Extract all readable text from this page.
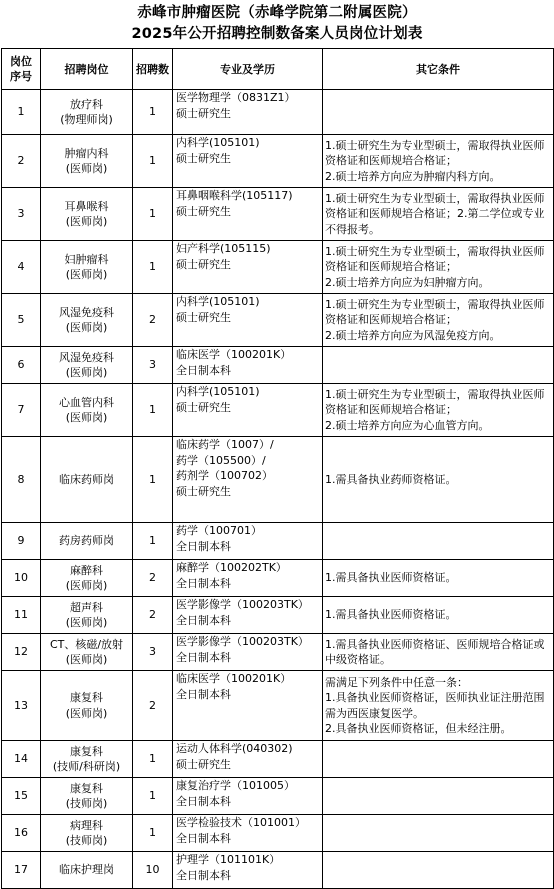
赤峰市肿瘤医院（赤峰学院第二附属医院）
2025年公开招聘控制数备案人员岗位计划表
岗位
序号	招聘岗位	招聘数	专业及学历	其它条件
1	放疗科
(物理师岗)	1	医学物理学（0831Z1）
硕士研究生	

2	肿瘤内科
(医师岗)	1	内科学(105101)
硕士研究生	1.硕士研究生为专业型硕士，需取得执业医师资格证和医师规培合格证；
2.硕士培养方向应为肿瘤内科方向。

3	耳鼻喉科
(医师岗)	1	耳鼻咽喉科学(105117)
硕士研究生	1.硕士研究生为专业型硕士，需取得执业医师资格证和医师规培合格证；2.第二学位或专业不得报考。

4	妇肿瘤科
(医师岗)	1	妇产科学(105115)
硕士研究生	1.硕士研究生为专业型硕士，需取得执业医师资格证和医师规培合格证；
2.硕士培养方向应为妇肿瘤方向。

5	风湿免疫科
(医师岗)	2	内科学(105101)
硕士研究生	1.硕士研究生为专业型硕士，需取得执业医师资格证和医师规培合格证；
2.硕士培养方向应为风湿免疫方向。

6	风湿免疫科
(医师岗)	3	临床医学（100201K）
全日制本科	

7	心血管内科
(医师岗)	1	内科学(105101)
硕士研究生	1.硕士研究生为专业型硕士，需取得执业医师资格证和医师规培合格证；
2.硕士培养方向应为心血管方向。

8	临床药师岗	1	临床药学（1007）/
药学（105500）/
药剂学（100702）
硕士研究生	1.需具备执业药师资格证。

9	药房药师岗	1	药学（100701）
全日制本科	

10	麻醉科
(医师岗)	2	麻醉学（100202TK）
全日制本科	1.需具备执业医师资格证。

11	超声科
(医师岗)	2	医学影像学（100203TK）
全日制本科	1.需具备执业医师资格证。

12	CT、核磁/放射
(医师岗)	3	医学影像学（100203TK）
全日制本科	1.需具备执业医师资格证、医师规培合格证或中级资格证。

13	康复科
(医师岗)	2	临床医学（100201K）
全日制本科	需满足下列条件中任意一条：
1.具备执业医师资格证，医师执业证注册范围需为西医康复医学。
2.具备执业医师资格证，但未经注册。

14	康复科
(技师/科研岗)	1	运动人体科学(040302)
硕士研究生	

15	康复科
(技师岗)	1	康复治疗学（101005）
全日制本科	

16	病理科
(技师岗)	1	医学检验技术（101001）
全日制本科	

17	临床护理岗	10	护理学（101101K）
全日制本科	
